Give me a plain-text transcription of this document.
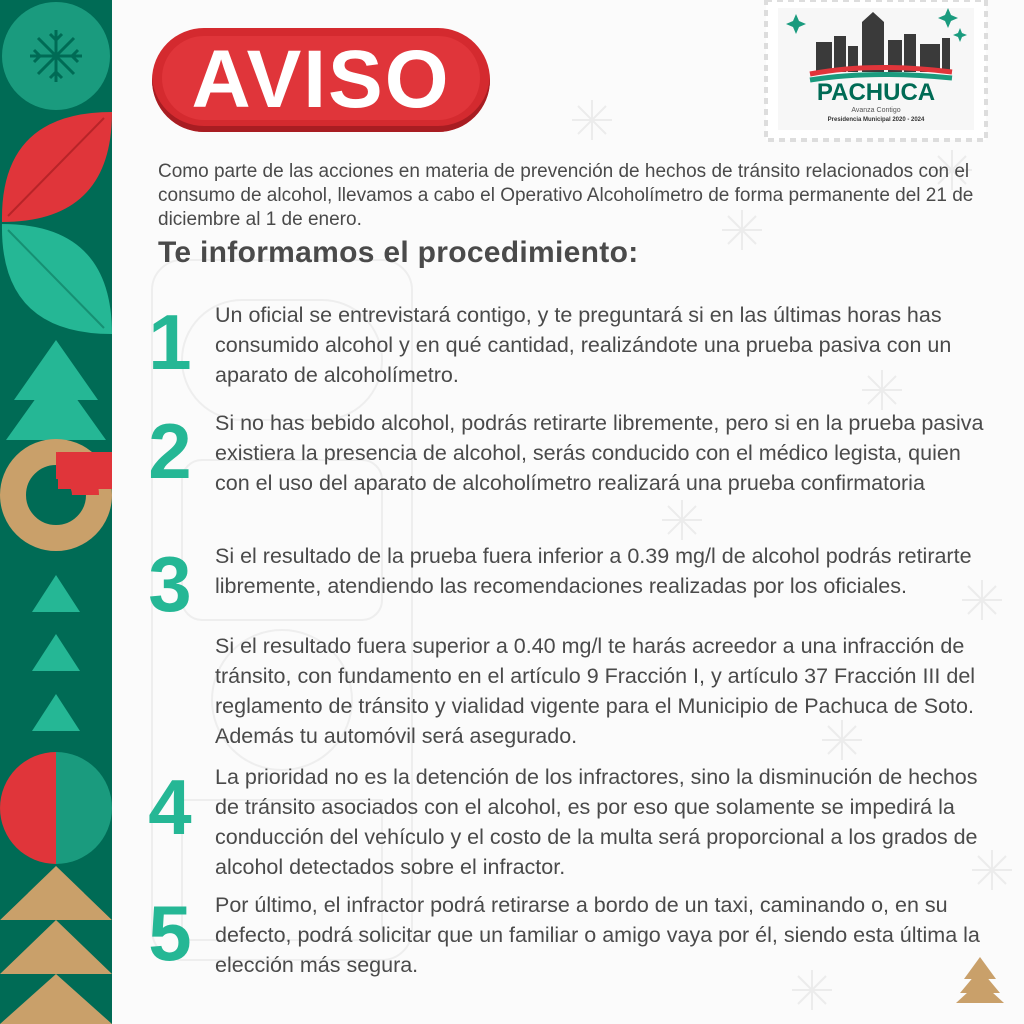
AVISO	PACHUCA
Avanza Contigo
Presidencia Municipal 2020 - 2024

Como parte de las acciones en materia de prevención de hechos de tránsito relacionados con el consumo de alcohol, llevamos a cabo el Operativo Alcoholímetro de forma permanente del 21 de diciembre al 1 de enero.

Te informamos el procedimiento:
1	Un oficial se entrevistará contigo, y te preguntará si en las últimas horas has consumido alcohol y en qué cantidad, realizándote una prueba pasiva con un aparato de alcoholímetro.

2	Si no has bebido alcohol, podrás retirarte libremente, pero si en la prueba pasiva existiera la presencia de alcohol, serás conducido con el médico legista, quien con el uso del aparato de alcoholímetro realizará una prueba confirmatoria

3	Si el resultado de la prueba fuera inferior a 0.39 mg/l de alcohol podrás retirarte libremente, atendiendo las recomendaciones realizadas por los oficiales.

Si el resultado fuera superior a 0.40 mg/l te harás acreedor a una infracción de tránsito, con fundamento en el artículo 9 Fracción I, y artículo 37 Fracción III del reglamento de tránsito y vialidad vigente para el Municipio de Pachuca de Soto. Además tu automóvil será asegurado.

4	La prioridad no es la detención de los infractores, sino la disminución de hechos de tránsito asociados con el alcohol, es por eso que solamente se impedirá la conducción del vehículo y el costo de la multa será proporcional a los grados de alcohol detectados sobre el infractor.

5	Por último, el infractor podrá retirarse a bordo de un taxi, caminando o, en su defecto, podrá solicitar que un familiar o amigo vaya por él, siendo esta última la elección más segura.
